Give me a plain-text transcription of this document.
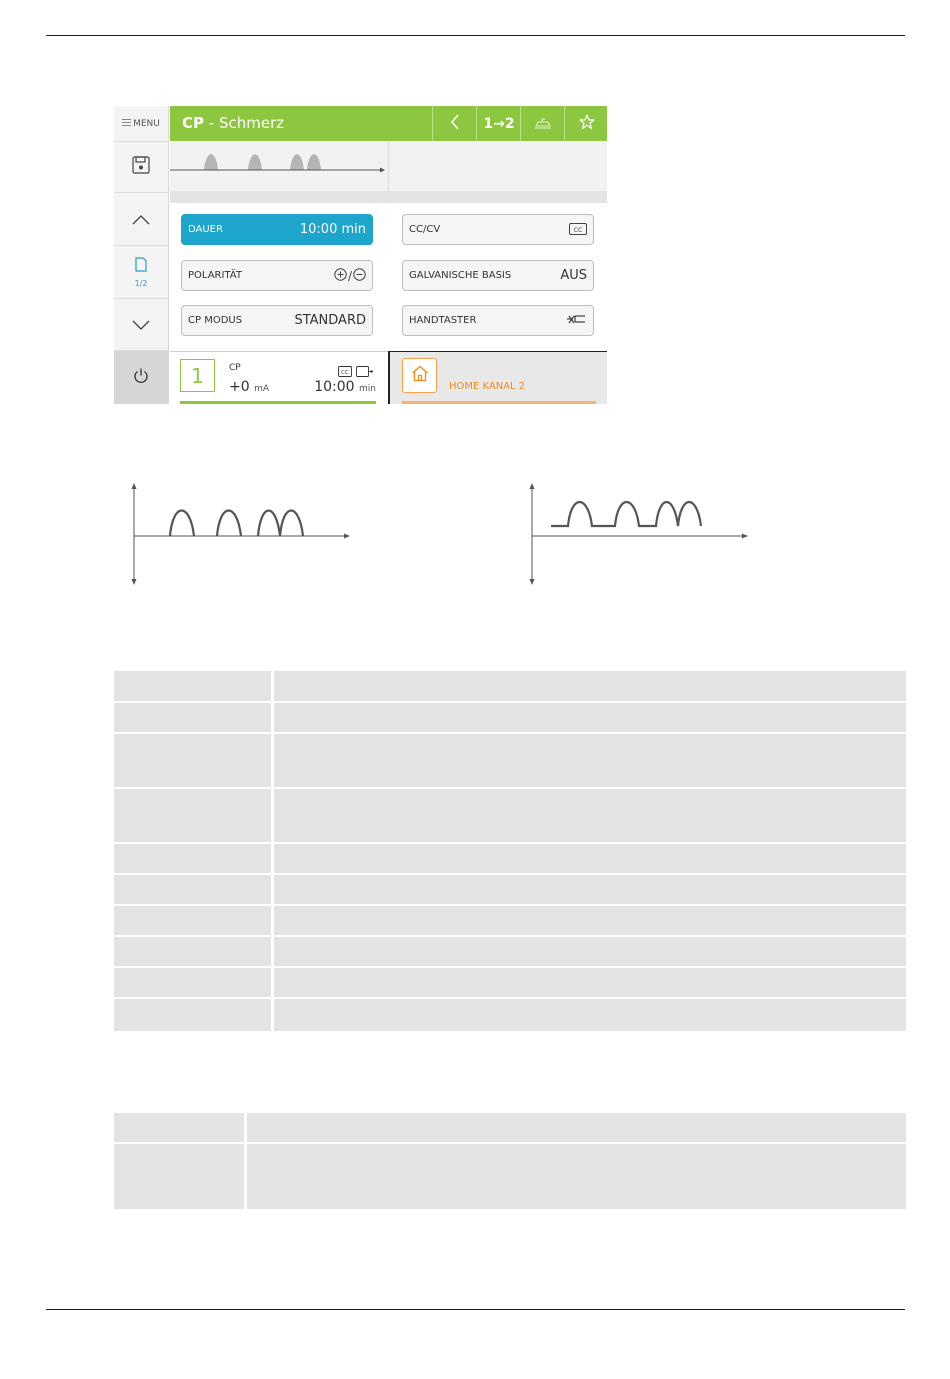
MENU
1/2
CP - Schmerz	1→2
DAUER	10:00 min	CC/CV	CC
POLARITÄT	/	GALVANISCHE BASIS	AUS
CP MODUS	STANDARD	HANDTASTER
1	CP	CC
+0 mA	10:00 min	HOME KANAL 2
